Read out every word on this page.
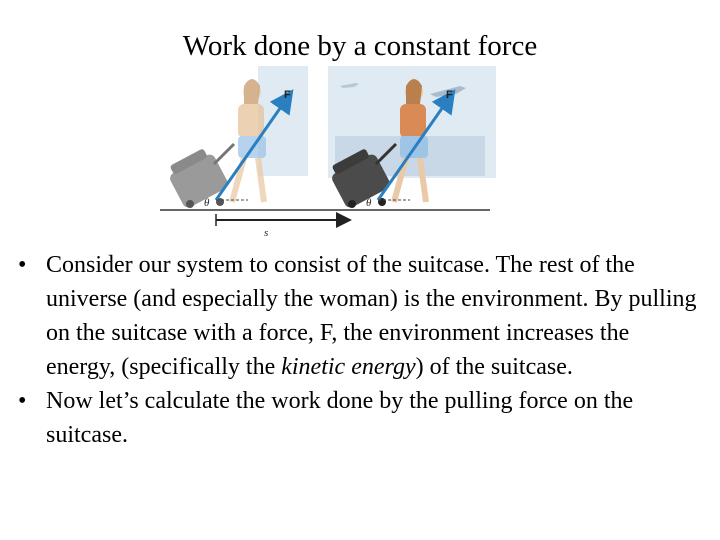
Work done by a constant force
F
θ
F
θ
s
• Consider our system to consist of the suitcase. The rest of the universe (and especially the woman) is the environment. By pulling on the suitcase with a force, F, the environment increases the energy, (specifically the kinetic energy) of the suitcase.
• Now let’s calculate the work done by the pulling force on the suitcase.
